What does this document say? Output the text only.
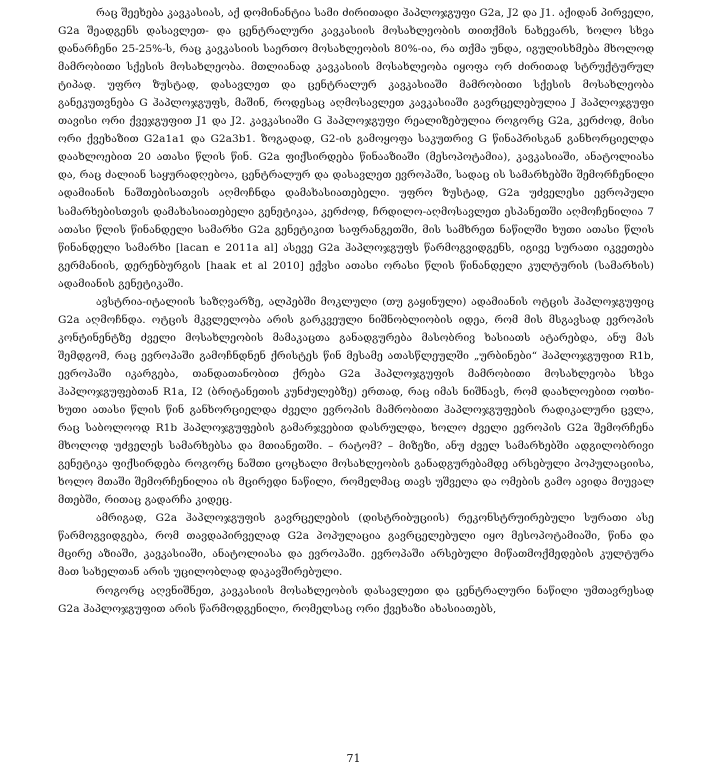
რაც შეეხება კავკასიას, აქ დომინანტია სამი ძირითადი ჰაპლოჯგუფი G2a, J2 და J1. აქიდან პირველი, G2a შეადგენს დასავლეთ- და ცენტრალური კავკასიის მოსახლეობის თითქმის ნახევარს, ხოლო სხვა დანარჩენი 25-25%-ს, რაც კავკასიის საერთო მოსახლეობის 80%-ია, რა თქმა უნდა, იგულისხმება მხოლოდ მამრობითი სქესის მოსახლეობა. მთლიანად კავკასიის მოსახლეობა იყოფა ორ ძირითად სტრუქტურულ ტიპად. უფრო ზუსტად, დასავლეთ და ცენტრალურ კავკასიაში მამრობითი სქესის მოსახლეობა განეკუთვნება G ჰაპლოჯგუფს, მაშინ, როდესაც აღმოსავლეთ კავკასიაში გავრცელებულია J ჰაპლოჯგუფი თავისი ორი ქვეჯგუფით J1 და J2. კავკასიაში G ჰაპლოჯგუფი რეალიზებულია როგორც G2a, კერძოდ, მისი ორი ქვეხაზით G2a1a1 და G2a3b1. ზოგადად, G2-ის გამოყოფა საკუთრივ G წინაპრისგან განხორციელდა დაახლოებით 20 ათასი წლის წინ. G2a ფიქსირდება წინააზიაში (მესოპოტამია), კავკასიაში, ანატოლიასა და, რაც ძალიან საყურადღებოა, ცენტრალურ და დასავლეთ ევროპაში, სადაც ის სამარხებში შემორჩენილი ადამიანის ნაშთებისათვის აღმოჩნდა დამახასიათებელი. უფრო ზუსტად, G2a უძველესი ევროპული სამარხებისთვის დამახასიათებელი გენეტიკაა, კერძოდ, ჩრდილო-აღმოსავლეთ ესპანეთში აღმოჩენილია 7 ათასი წლის წინანდელი სამარხი G2a გენეტიკით საფრანგეთში, მის სამხრეთ ნაწილში ხუთი ათასი წლის წინანდელი სამარხი [lacan e 2011a al] ასევე G2a ჰაპლოჯგუფს წარმოგვიდგენს, იგივე სურათი იკვეთება გერმანიის, დერენბურგის [haak et al 2010] ექვსი ათასი ორასი წლის წინანდელი კულტურის (სამარხის) ადამიანის გენეტიკაში.

ავსტრია-იტალიის საზღვარზე, ალპებში მოკლული (თუ გაყინული) ადამიანის ოტცის ჰაპლოჯგუფიც G2a აღმოჩნდა. ოტცის მკვლელობა არის გარკვეული ნიშნობლიობის იდეა, რომ მის მსგავსად ევროპის კონტინენტზე ძველი მოსახლეობის მამაკაცთა განადგურება მასობრივ ხასიათს ატარებდა, ანუ მას შემდგომ, რაც ევროპაში გამოჩნდნენ ქრისტეს წინ მესამე ათასწლეულში „ურბინები“ ჰაპლოჯგუფით R1b, ევროპაში იკარგება, თანდათანობით ქრება G2a ჰაპლოჯგუფის მამრობითი მოსახლეობა სხვა ჰაპლოჯგუფებთან R1a, I2 (ბრიტანეთის კუნძულებზე) ერთად, რაც იმას ნიშნავს, რომ დაახლოებით ოთხი-ხუთი ათასი წლის წინ განხორციელდა ძველი ევროპის მამრობითი ჰაპლოჯგუფების რადიკალური ცვლა, რაც საბოლოოდ R1b ჰაპლოჯგუფების გამარჯვებით დასრულდა, ხოლო ძველი ევროპის G2a შემორჩენა მხოლოდ უძველეს სამარხებსა და მთიანეთში. – რატომ? – მიზეზი, ანუ ძველ სამარხებში ადგილობრივი გენეტიკა ფიქსირდება როგორც ნაშთი ცოცხალი მოსახლეობის განადგურებამდე არსებული პოპულაციისა, ხოლო მთაში შემორჩენილია ის მცირედი ნაწილი, რომელმაც თავს უშველა და ომების გამო ავიდა მიუვალ მთებში, რითაც გადარჩა კიდეც.

ამრიგად, G2a ჰაპლოჯგუფის გავრცელების (დისტრიბუციის) რეკონსტრუირებული სურათი ასე წარმოგვიდგება, რომ თავდაპირველად G2a პოპულაცია გავრცელებული იყო მესოპოტამიაში, წინა და მცირე აზიაში, კავკასიაში, ანატოლიასა და ევროპაში. ევროპაში არსებული მიწათმოქმედების კულტურა მათ სახელთან არის უცილობლად დაკავშირებული.

როგორც აღვნიშნეთ, კავკასიის მოსახლეობის დასავლეთი და ცენტრალური ნაწილი უმთავრესად G2a ჰაპლოჯგუფით არის წარმოდგენილი, რომელსაც ორი ქვეხაზი ახასიათებს,

71
